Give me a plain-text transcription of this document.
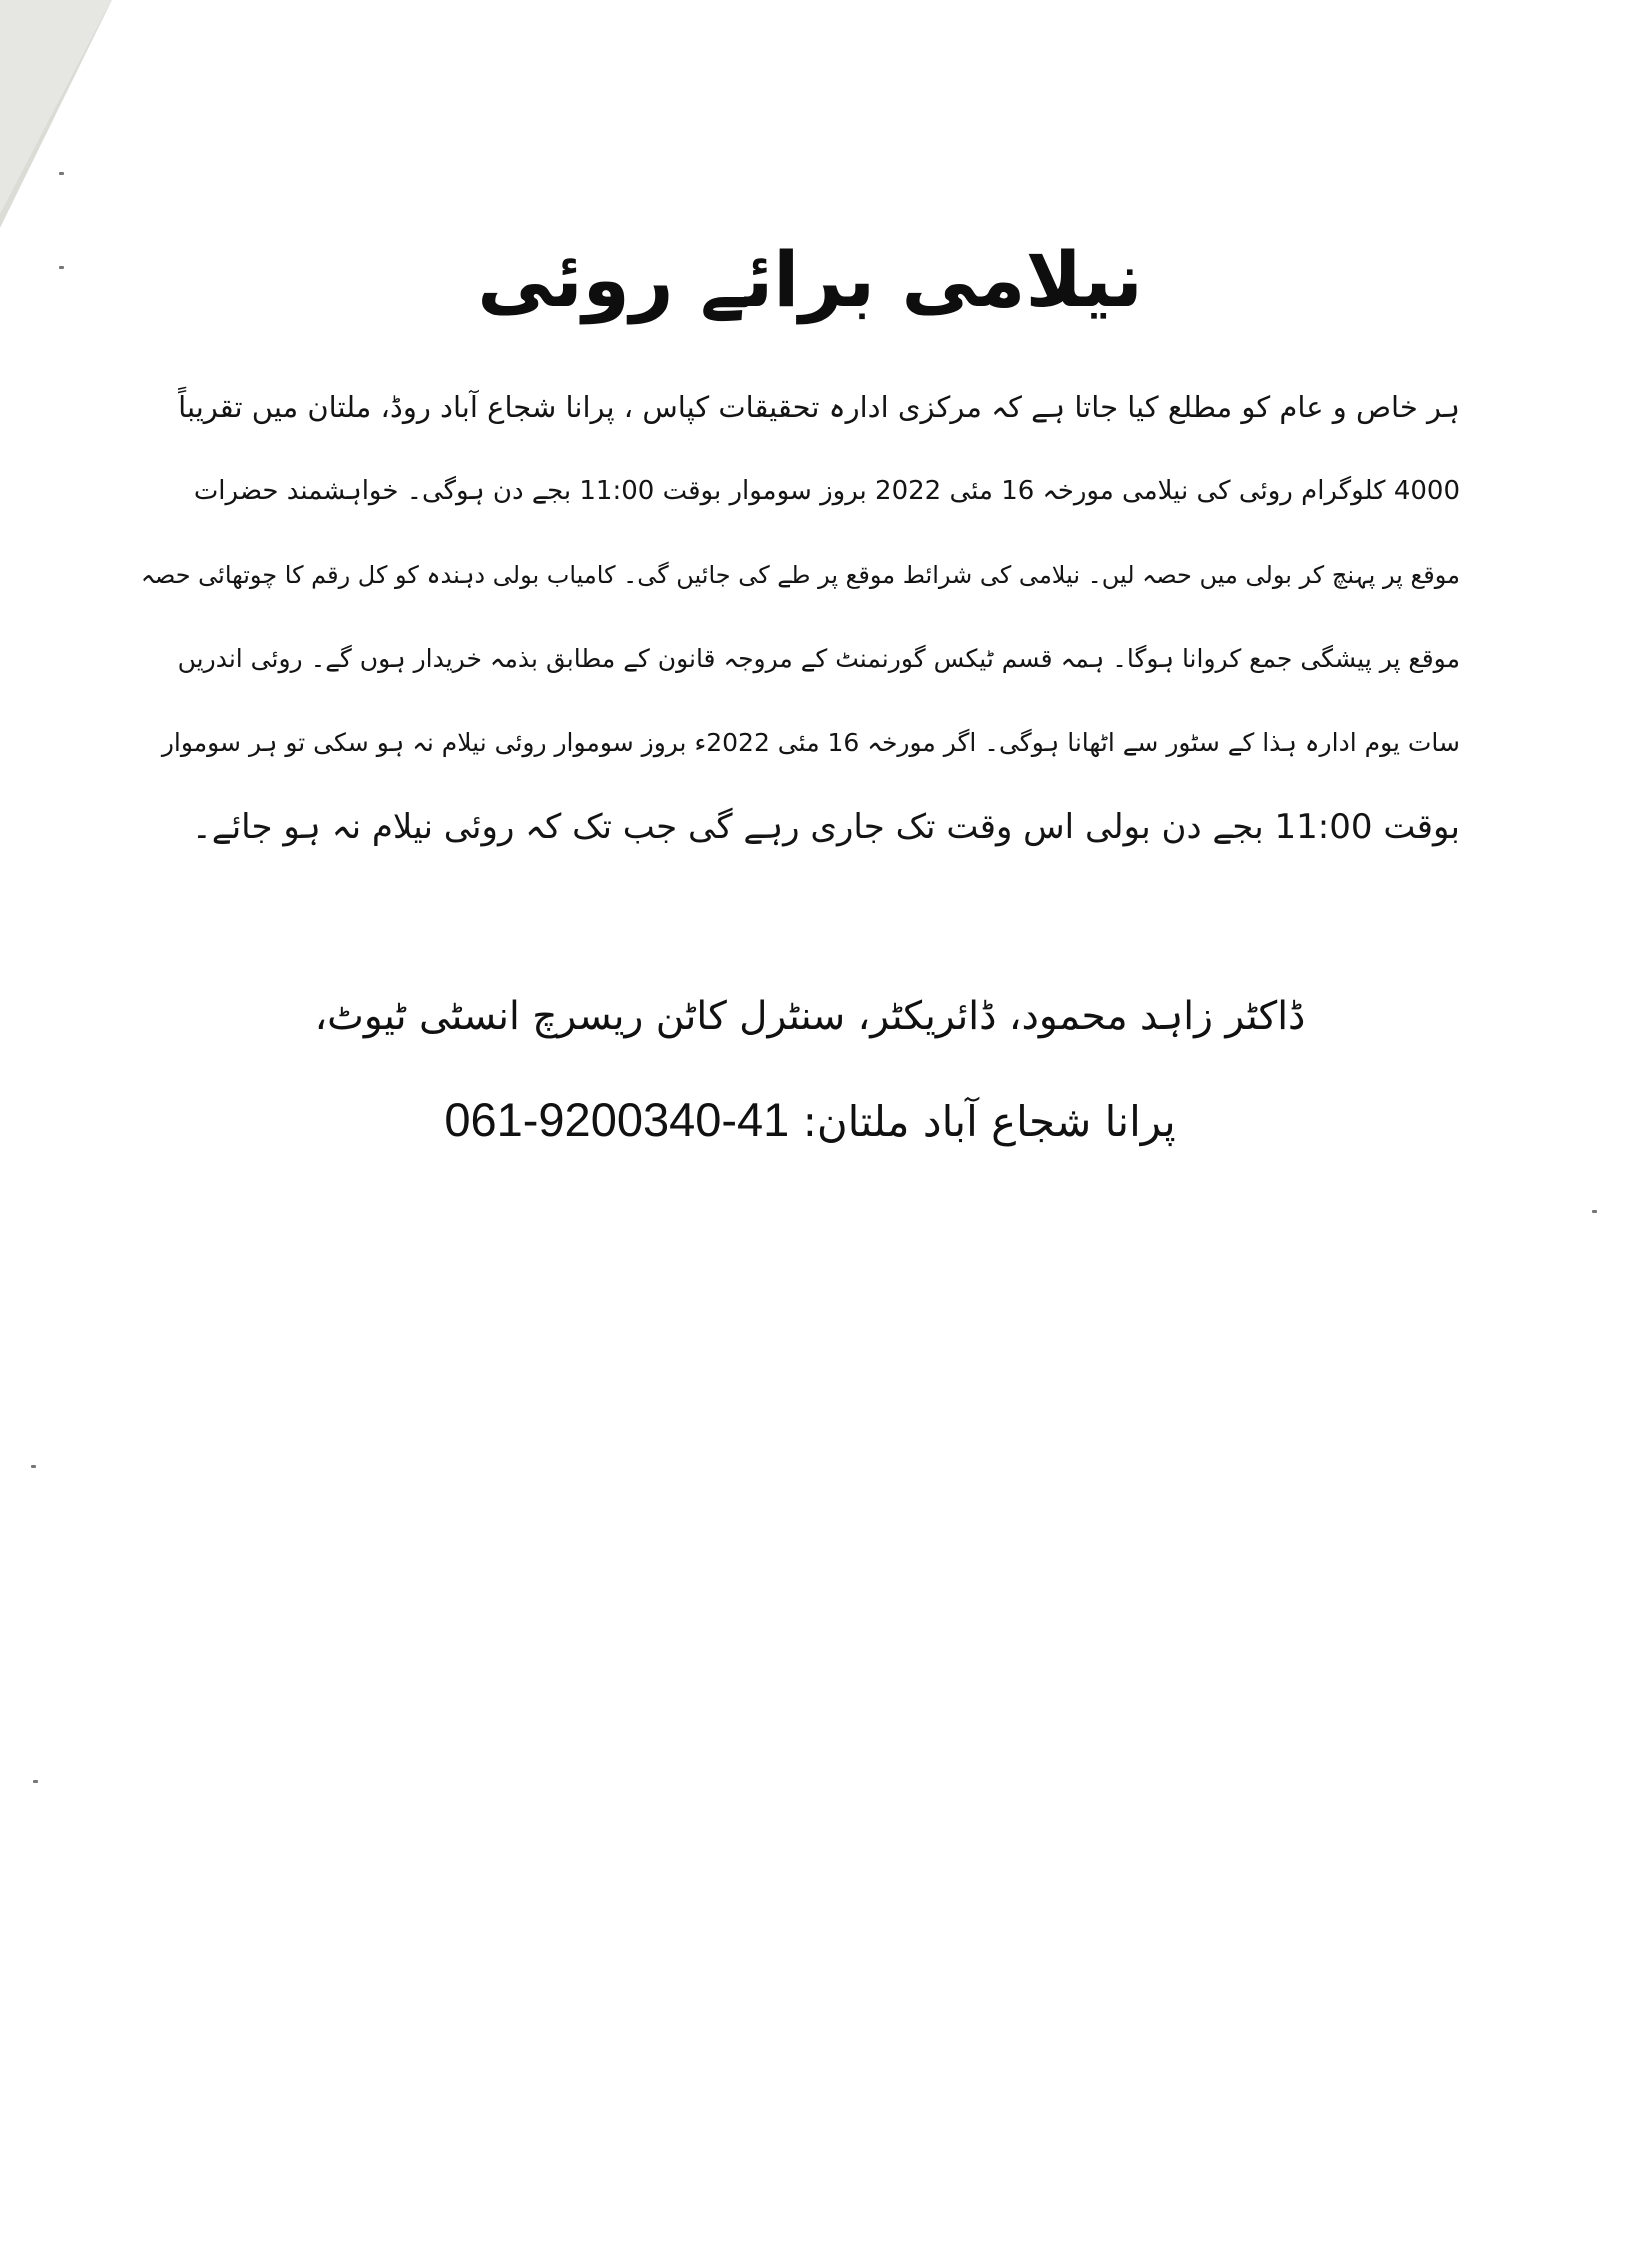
نیلامی برائے روئی
ہر خاص و عام کو مطلع کیا جاتا ہے کہ مرکزی ادارہ تحقیقات کپاس ، پرانا شجاع آباد روڈ، ملتان میں تقریباً
4000 کلوگرام روئی کی نیلامی مورخہ 16 مئی 2022 بروز سوموار بوقت 11:00 بجے دن ہوگی۔ خواہشمند حضرات
موقع پر پہنچ کر بولی میں حصہ لیں۔ نیلامی کی شرائط موقع پر طے کی جائیں گی۔ کامیاب بولی دہندہ کو کل رقم کا چوتھائی حصہ
موقع پر پیشگی جمع کروانا ہوگا۔ ہمہ قسم ٹیکس گورنمنٹ کے مروجہ قانون کے مطابق بذمہ خریدار ہوں گے۔ روئی اندریں
سات یوم ادارہ ہذا کے سٹور سے اٹھانا ہوگی۔ اگر مورخہ 16 مئی 2022ء بروز سوموار روئی نیلام نہ ہو سکی تو ہر سوموار
بوقت 11:00 بجے دن بولی اس وقت تک جاری رہے گی جب تک کہ روئی نیلام نہ ہو جائے۔
ڈاکٹر زاہد محمود، ڈائریکٹر، سنٹرل کاٹن ریسرچ انسٹی ٹیوٹ،
پرانا شجاع آباد ملتان: 061-9200340-41
